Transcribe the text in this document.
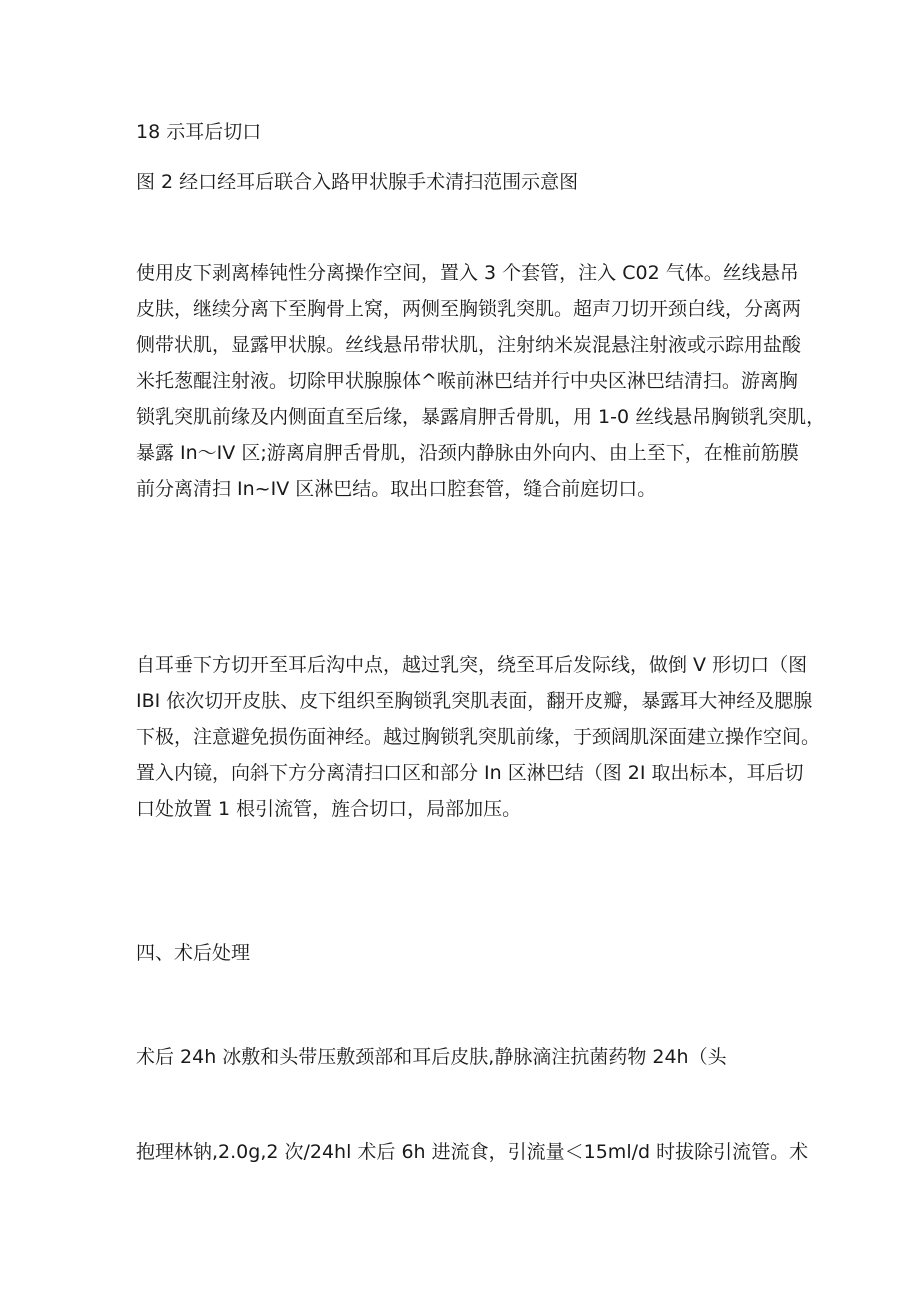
18 示耳后切口
图 2 经口经耳后联合入路甲状腺手术清扫范围示意图
使用皮下剥离棒钝性分离操作空间，置入 3 个套管，注入 C02 气体。丝线悬吊
皮肤，继续分离下至胸骨上窝，两侧至胸锁乳突肌。超声刀切开颈白线，分离两
侧带状肌，显露甲状腺。丝线悬吊带状肌，注射纳米炭混悬注射液或示踪用盐酸
米托葱醌注射液。切除甲状腺腺体^喉前淋巴结并行中央区淋巴结清扫。游离胸
锁乳突肌前缘及内侧面直至后缘，暴露肩胛舌骨肌，用 1-0 丝线悬吊胸锁乳突肌，
暴露 In〜IV 区;游离肩胛舌骨肌，沿颈内静脉由外向内、由上至下，在椎前筋膜
前分离清扫 In~IV 区淋巴结。取出口腔套管，缝合前庭切口。
自耳垂下方切开至耳后沟中点，越过乳突，绕至耳后发际线，做倒 V 形切口（图
IBI 依次切开皮肤、皮下组织至胸锁乳突肌表面，翻开皮瓣，暴露耳大神经及腮腺
下极，注意避免损伤面神经。越过胸锁乳突肌前缘，于颈阔肌深面建立操作空间。
置入内镜，向斜下方分离清扫口区和部分 In 区淋巴结（图 2I 取出标本，耳后切
口处放置 1 根引流管，旌合切口，局部加压。
四、术后处理
术后 24h 冰敷和头带压敷颈部和耳后皮肤,静脉滴注抗菌药物 24h（头
抱理林钠,2.0g,2 次/24hl 术后 6h 进流食，引流量＜15ml/d 时拔除引流管。术
